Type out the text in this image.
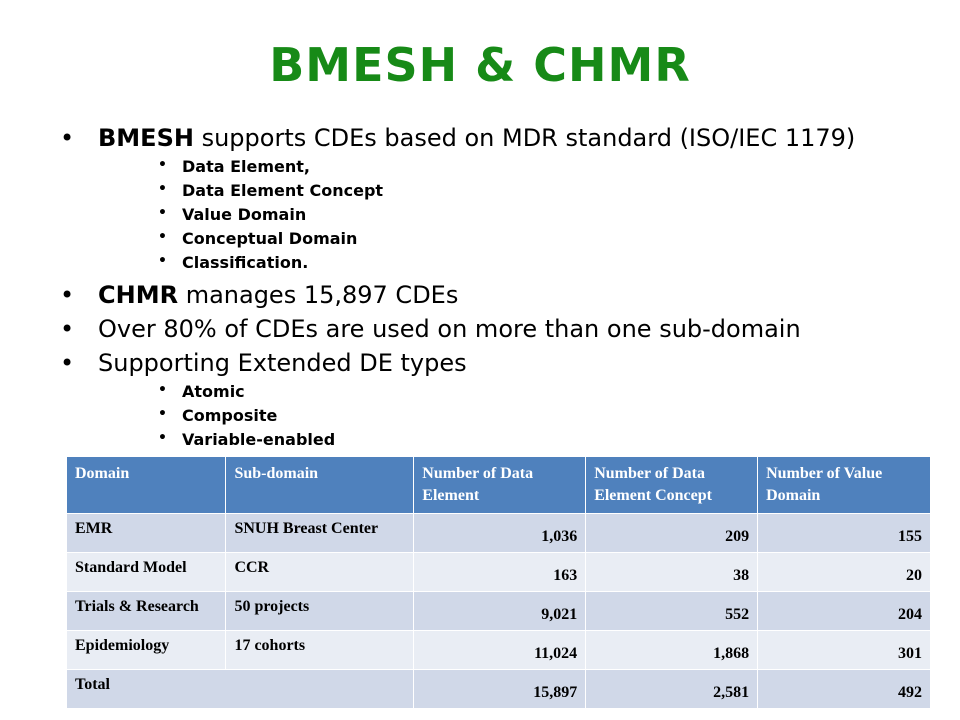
BMESH & CHMR
• BMESH supports CDEs based on MDR standard (ISO/IEC 1179)
• Data Element,
• Data Element Concept
• Value Domain
• Conceptual Domain
• Classification.
• CHMR manages 15,897 CDEs
• Over 80% of CDEs are used on more than one sub-domain
• Supporting Extended DE types
• Atomic
• Composite
• Variable-enabled
Domain	Sub-domain	Number of Data Element	Number of Data Element Concept	Number of Value Domain
EMR	SNUH Breast Center	1,036	209	155
Standard Model	CCR	163	38	20
Trials & Research	50 projects	9,021	552	204
Epidemiology	17 cohorts	11,024	1,868	301
Total		15,897	2,581	492
